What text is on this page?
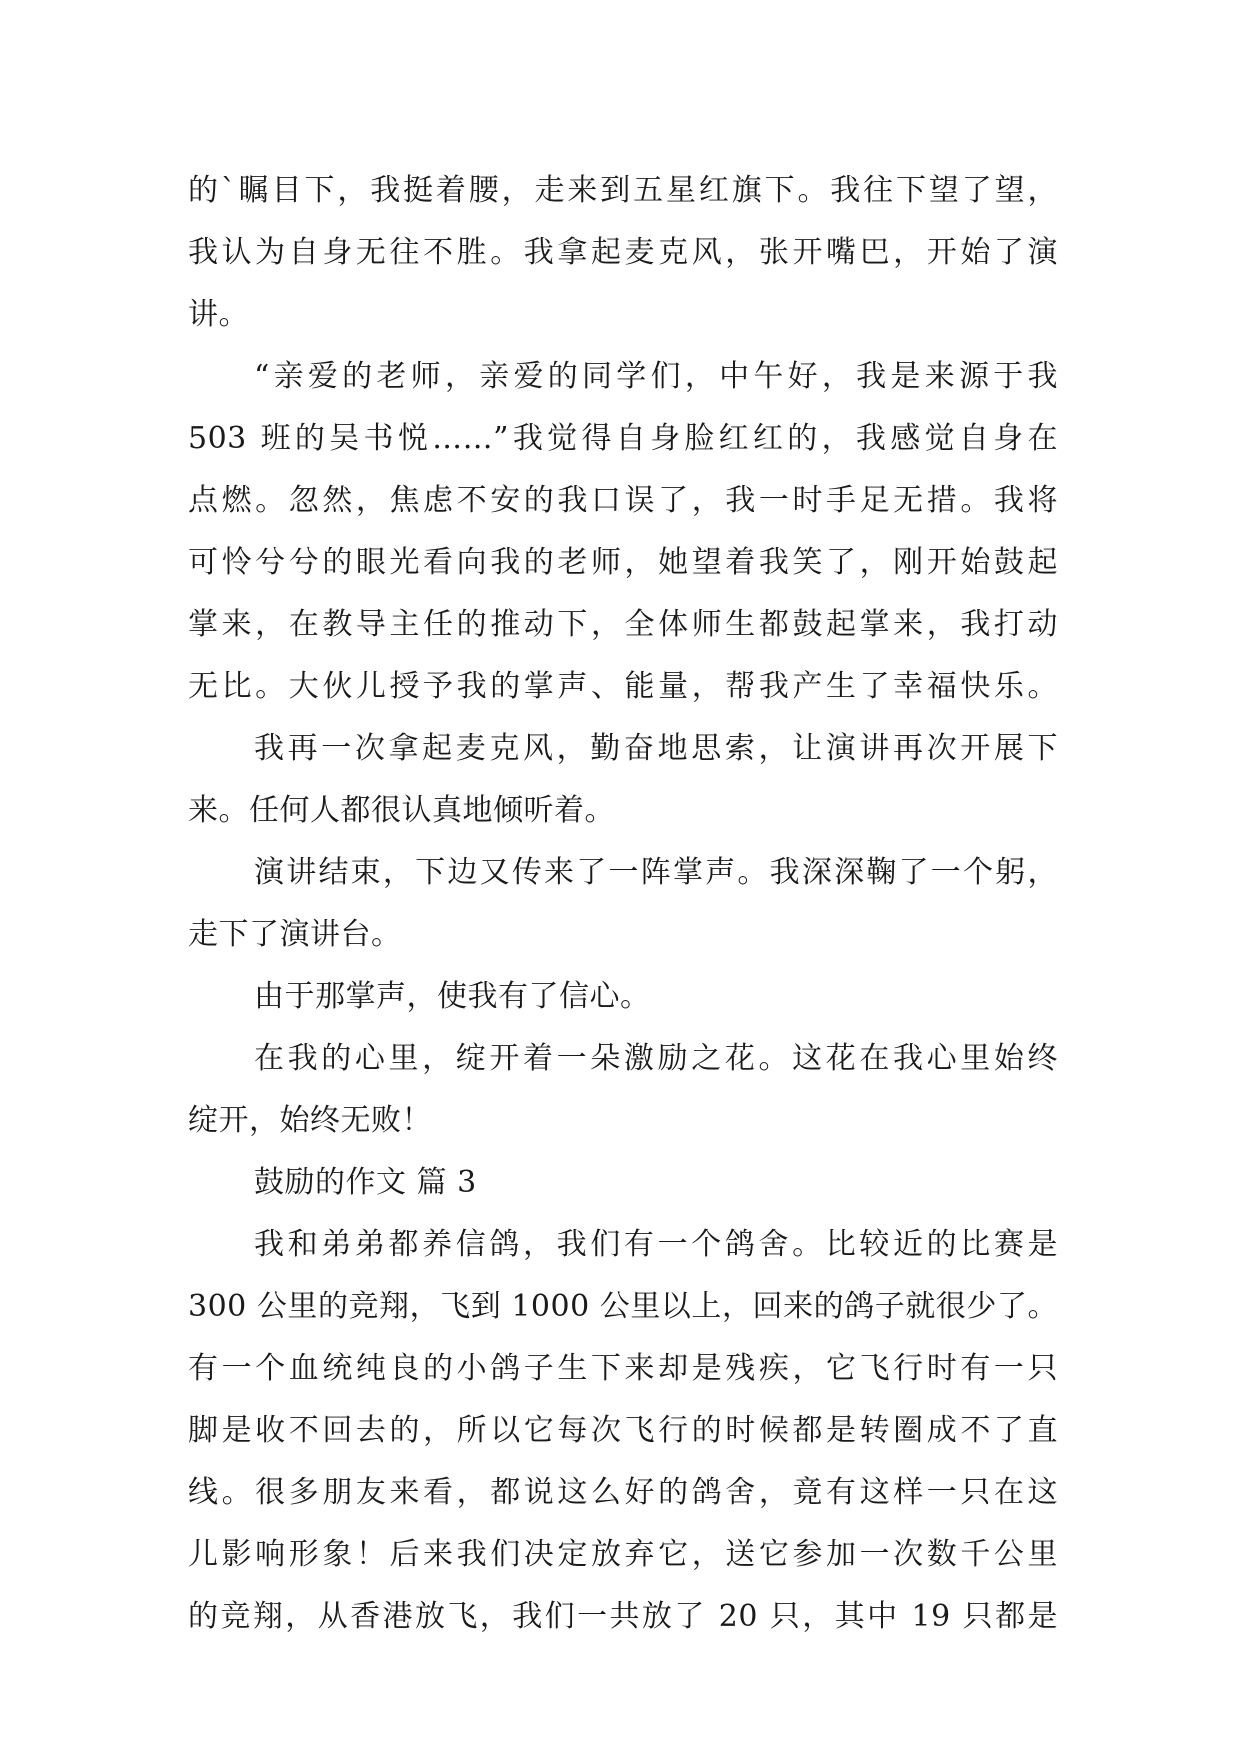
的`瞩目下，我挺着腰，走来到五星红旗下。我往下望了望，
我认为自身无往不胜。我拿起麦克风，张开嘴巴，开始了演
讲。
“亲爱的老师，亲爱的同学们，中午好，我是来源于我
503 班的吴书悦……”我觉得自身脸红红的，我感觉自身在
点燃。忽然，焦虑不安的我口误了，我一时手足无措。我将
可怜兮兮的眼光看向我的老师，她望着我笑了，刚开始鼓起
掌来，在教导主任的推动下，全体师生都鼓起掌来，我打动
无比。大伙儿授予我的掌声、能量，帮我产生了幸福快乐。
我再一次拿起麦克风，勤奋地思索，让演讲再次开展下
来。任何人都很认真地倾听着。
演讲结束，下边又传来了一阵掌声。我深深鞠了一个躬，
走下了演讲台。
由于那掌声，使我有了信心。
在我的心里，绽开着一朵激励之花。这花在我心里始终
绽开，始终无败！
鼓励的作文 篇 3
我和弟弟都养信鸽，我们有一个鸽舍。比较近的比赛是
300 公里的竞翔，飞到 1000 公里以上，回来的鸽子就很少了。
有一个血统纯良的小鸽子生下来却是残疾，它飞行时有一只
脚是收不回去的，所以它每次飞行的时候都是转圈成不了直
线。很多朋友来看，都说这么好的鸽舍，竟有这样一只在这
儿影响形象！后来我们决定放弃它，送它参加一次数千公里
的竞翔，从香港放飞，我们一共放了 20 只，其中 19 只都是
